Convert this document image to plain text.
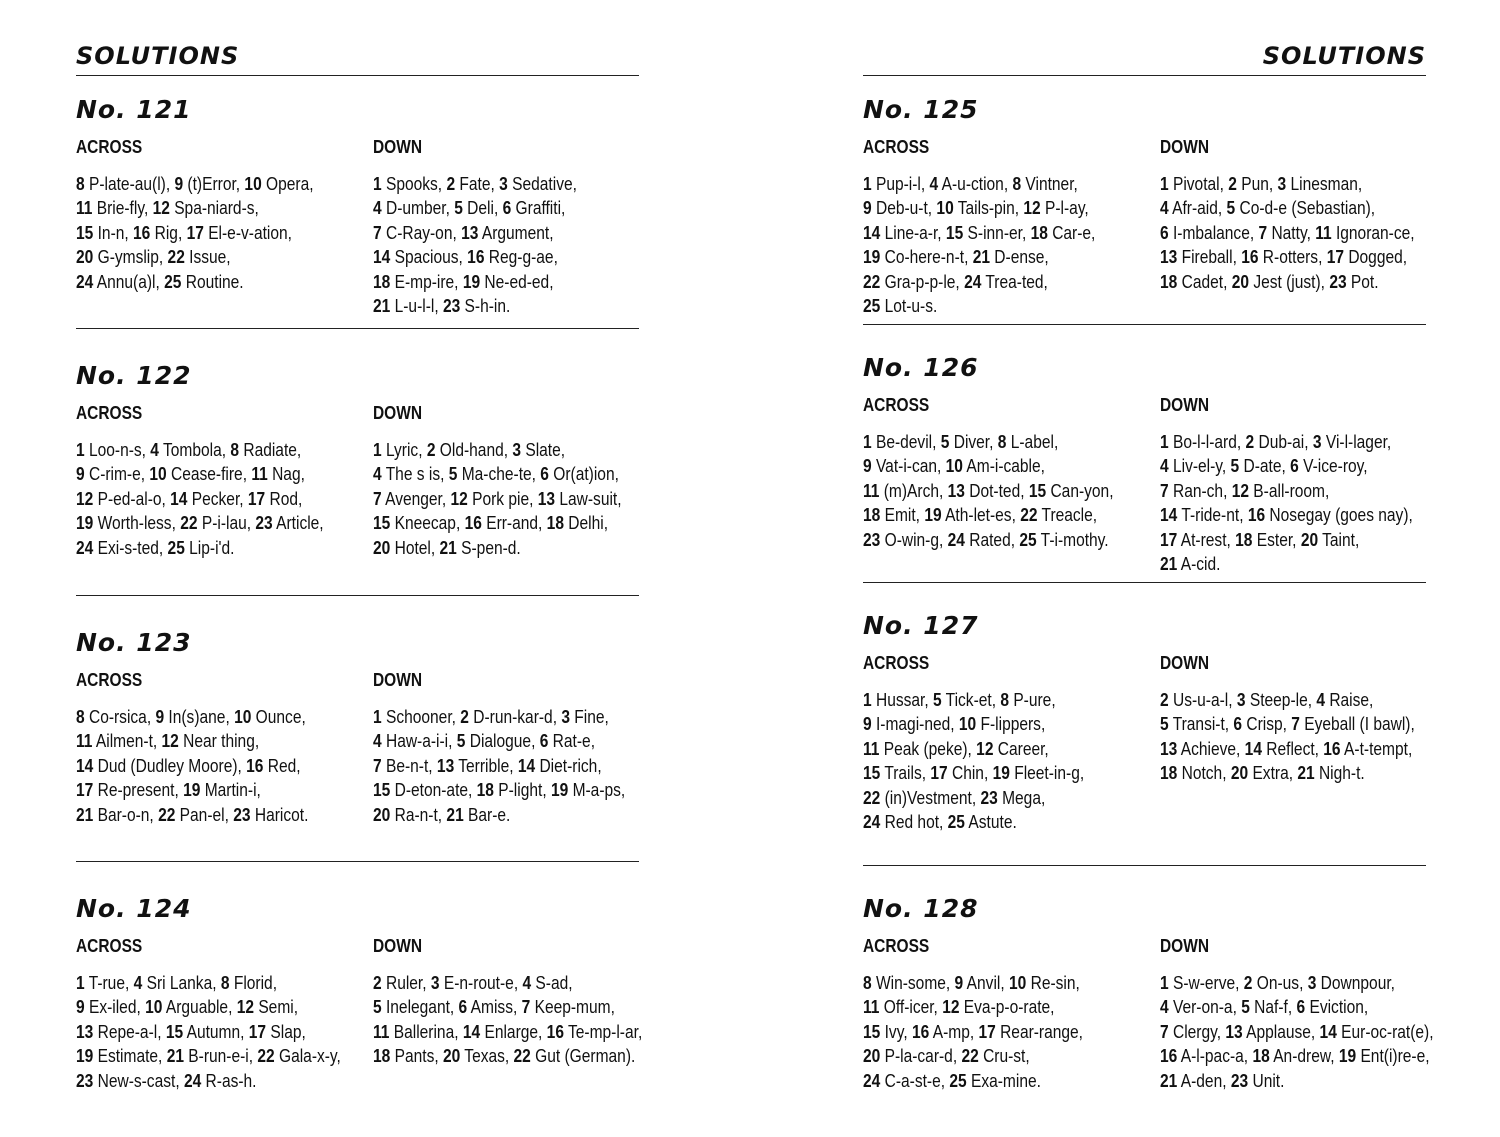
SOLUTIONS
No. 121
ACROSS
8 P-late-au(l), 9 (t)Error, 10 Opera,
11 Brie-fly, 12 Spa-niard-s,
15 In-n, 16 Rig, 17 El-e-v-ation,
20 G-ymslip, 22 Issue,
24 Annu(a)l, 25 Routine.
DOWN
1 Spooks, 2 Fate, 3 Sedative,
4 D-umber, 5 Deli, 6 Graffiti,
7 C-Ray-on, 13 Argument,
14 Spacious, 16 Reg-g-ae,
18 E-mp-ire, 19 Ne-ed-ed,
21 L-u-l-l, 23 S-h-in.
No. 122
ACROSS
1 Loo-n-s, 4 Tombola, 8 Radiate,
9 C-rim-e, 10 Cease-fire, 11 Nag,
12 P-ed-al-o, 14 Pecker, 17 Rod,
19 Worth-less, 22 P-i-lau, 23 Article,
24 Exi-s-ted, 25 Lip-i'd.
DOWN
1 Lyric, 2 Old-hand, 3 Slate,
4 The s is, 5 Ma-che-te, 6 Or(at)ion,
7 Avenger, 12 Pork pie, 13 Law-suit,
15 Kneecap, 16 Err-and, 18 Delhi,
20 Hotel, 21 S-pen-d.
No. 123
ACROSS
8 Co-rsica, 9 In(s)ane, 10 Ounce,
11 Ailmen-t, 12 Near thing,
14 Dud (Dudley Moore), 16 Red,
17 Re-present, 19 Martin-i,
21 Bar-o-n, 22 Pan-el, 23 Haricot.
DOWN
1 Schooner, 2 D-run-kar-d, 3 Fine,
4 Haw-a-i-i, 5 Dialogue, 6 Rat-e,
7 Be-n-t, 13 Terrible, 14 Diet-rich,
15 D-eton-ate, 18 P-light, 19 M-a-ps,
20 Ra-n-t, 21 Bar-e.
No. 124
ACROSS
1 T-rue, 4 Sri Lanka, 8 Florid,
9 Ex-iled, 10 Arguable, 12 Semi,
13 Repe-a-l, 15 Autumn, 17 Slap,
19 Estimate, 21 B-run-e-i, 22 Gala-x-y,
23 New-s-cast, 24 R-as-h.
DOWN
2 Ruler, 3 E-n-rout-e, 4 S-ad,
5 Inelegant, 6 Amiss, 7 Keep-mum,
11 Ballerina, 14 Enlarge, 16 Te-mp-l-ar,
18 Pants, 20 Texas, 22 Gut (German).
SOLUTIONS
No. 125
ACROSS
1 Pup-i-l, 4 A-u-ction, 8 Vintner,
9 Deb-u-t, 10 Tails-pin, 12 P-l-ay,
14 Line-a-r, 15 S-inn-er, 18 Car-e,
19 Co-here-n-t, 21 D-ense,
22 Gra-p-p-le, 24 Trea-ted,
25 Lot-u-s.
DOWN
1 Pivotal, 2 Pun, 3 Linesman,
4 Afr-aid, 5 Co-d-e (Sebastian),
6 I-mbalance, 7 Natty, 11 Ignoran-ce,
13 Fireball, 16 R-otters, 17 Dogged,
18 Cadet, 20 Jest (just), 23 Pot.
No. 126
ACROSS
1 Be-devil, 5 Diver, 8 L-abel,
9 Vat-i-can, 10 Am-i-cable,
11 (m)Arch, 13 Dot-ted, 15 Can-yon,
18 Emit, 19 Ath-let-es, 22 Treacle,
23 O-win-g, 24 Rated, 25 T-i-mothy.
DOWN
1 Bo-l-l-ard, 2 Dub-ai, 3 Vi-l-lager,
4 Liv-el-y, 5 D-ate, 6 V-ice-roy,
7 Ran-ch, 12 B-all-room,
14 T-ride-nt, 16 Nosegay (goes nay),
17 At-rest, 18 Ester, 20 Taint,
21 A-cid.
No. 127
ACROSS
1 Hussar, 5 Tick-et, 8 P-ure,
9 I-magi-ned, 10 F-lippers,
11 Peak (peke), 12 Career,
15 Trails, 17 Chin, 19 Fleet-in-g,
22 (in)Vestment, 23 Mega,
24 Red hot, 25 Astute.
DOWN
2 Us-u-a-l, 3 Steep-le, 4 Raise,
5 Transi-t, 6 Crisp, 7 Eyeball (I bawl),
13 Achieve, 14 Reflect, 16 A-t-tempt,
18 Notch, 20 Extra, 21 Nigh-t.
No. 128
ACROSS
8 Win-some, 9 Anvil, 10 Re-sin,
11 Off-icer, 12 Eva-p-o-rate,
15 Ivy, 16 A-mp, 17 Rear-range,
20 P-la-car-d, 22 Cru-st,
24 C-a-st-e, 25 Exa-mine.
DOWN
1 S-w-erve, 2 On-us, 3 Downpour,
4 Ver-on-a, 5 Naf-f, 6 Eviction,
7 Clergy, 13 Applause, 14 Eur-oc-rat(e),
16 A-l-pac-a, 18 An-drew, 19 Ent(i)re-e,
21 A-den, 23 Unit.
